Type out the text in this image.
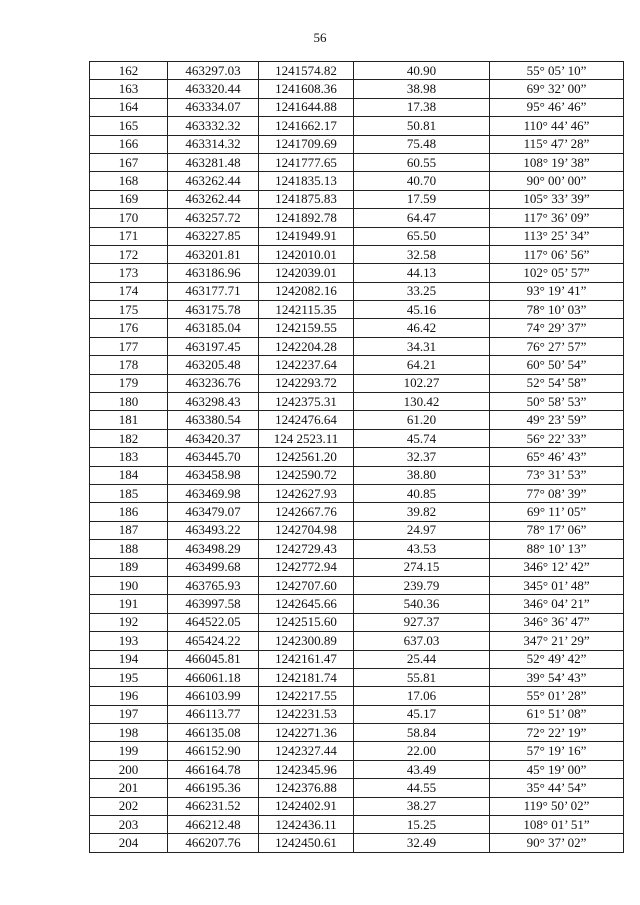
56
162	463297.03	1241574.82	40.90	55° 05’ 10”
163	463320.44	1241608.36	38.98	69° 32’ 00”
164	463334.07	1241644.88	17.38	95° 46’ 46”
165	463332.32	1241662.17	50.81	110° 44’ 46”
166	463314.32	1241709.69	75.48	115° 47’ 28”
167	463281.48	1241777.65	60.55	108° 19’ 38”
168	463262.44	1241835.13	40.70	90° 00’ 00”
169	463262.44	1241875.83	17.59	105° 33’ 39”
170	463257.72	1241892.78	64.47	117° 36’ 09”
171	463227.85	1241949.91	65.50	113° 25’ 34”
172	463201.81	1242010.01	32.58	117° 06’ 56”
173	463186.96	1242039.01	44.13	102° 05’ 57”
174	463177.71	1242082.16	33.25	93° 19’ 41”
175	463175.78	1242115.35	45.16	78° 10’ 03”
176	463185.04	1242159.55	46.42	74° 29’ 37”
177	463197.45	1242204.28	34.31	76° 27’ 57”
178	463205.48	1242237.64	64.21	60° 50’ 54”
179	463236.76	1242293.72	102.27	52° 54’ 58”
180	463298.43	1242375.31	130.42	50° 58’ 53”
181	463380.54	1242476.64	61.20	49° 23’ 59”
182	463420.37	124 2523.11	45.74	56° 22’ 33”
183	463445.70	1242561.20	32.37	65° 46’ 43”
184	463458.98	1242590.72	38.80	73° 31’ 53”
185	463469.98	1242627.93	40.85	77° 08’ 39”
186	463479.07	1242667.76	39.82	69° 11’ 05”
187	463493.22	1242704.98	24.97	78° 17’ 06”
188	463498.29	1242729.43	43.53	88° 10’ 13”
189	463499.68	1242772.94	274.15	346° 12’ 42”
190	463765.93	1242707.60	239.79	345° 01’ 48”
191	463997.58	1242645.66	540.36	346° 04’ 21”
192	464522.05	1242515.60	927.37	346° 36’ 47”
193	465424.22	1242300.89	637.03	347° 21’ 29”
194	466045.81	1242161.47	25.44	52° 49’ 42”
195	466061.18	1242181.74	55.81	39° 54’ 43”
196	466103.99	1242217.55	17.06	55° 01’ 28”
197	466113.77	1242231.53	45.17	61° 51’ 08”
198	466135.08	1242271.36	58.84	72° 22’ 19”
199	466152.90	1242327.44	22.00	57° 19’ 16”
200	466164.78	1242345.96	43.49	45° 19’ 00”
201	466195.36	1242376.88	44.55	35° 44’ 54”
202	466231.52	1242402.91	38.27	119° 50’ 02”
203	466212.48	1242436.11	15.25	108° 01’ 51”
204	466207.76	1242450.61	32.49	90° 37’ 02”
